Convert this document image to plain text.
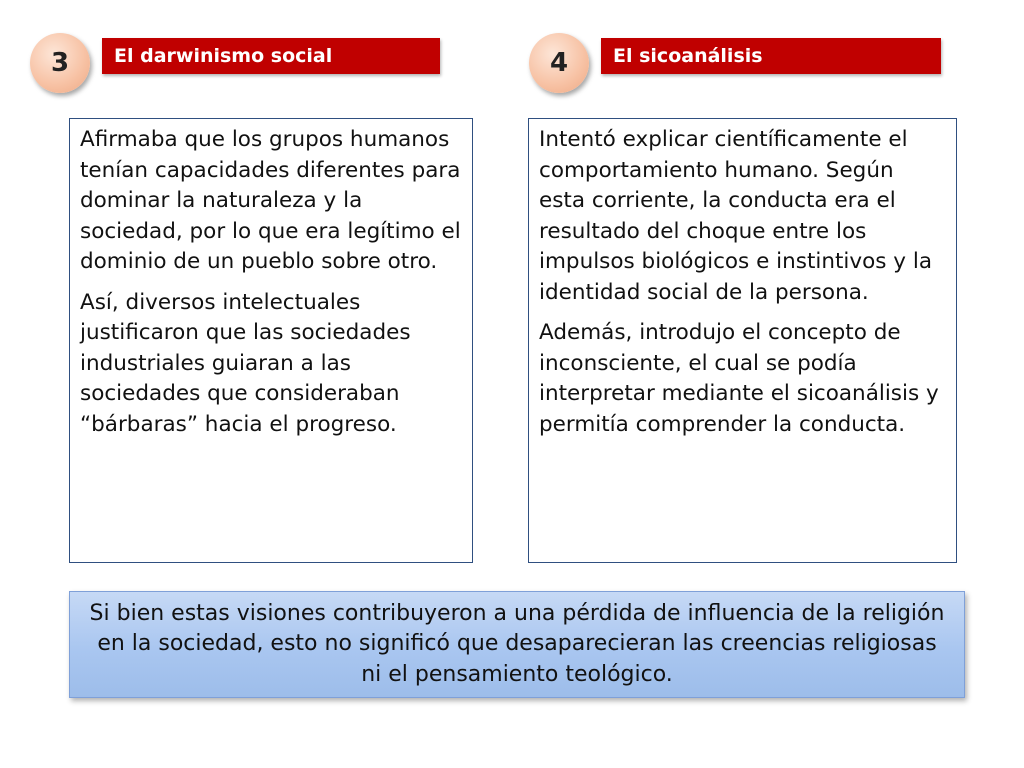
3	El darwinismo social	4	El sicoanálisis

Afirmaba que los grupos humanos tenían capacidades diferentes para dominar la naturaleza y la sociedad, por lo que era legítimo el dominio de un pueblo sobre otro.

Así, diversos intelectuales justificaron que las sociedades industriales guiaran a las sociedades que consideraban “bárbaras” hacia el progreso.

Intentó explicar científicamente el comportamiento humano. Según esta corriente, la conducta era el resultado del choque entre los impulsos biológicos e instintivos y la identidad social de la persona.

Además, introdujo el concepto de inconsciente, el cual se podía interpretar mediante el sicoanálisis y permitía comprender la conducta.

Si bien estas visiones contribuyeron a una pérdida de influencia de la religión en la sociedad, esto no significó que desaparecieran las creencias religiosas ni el pensamiento teológico.
